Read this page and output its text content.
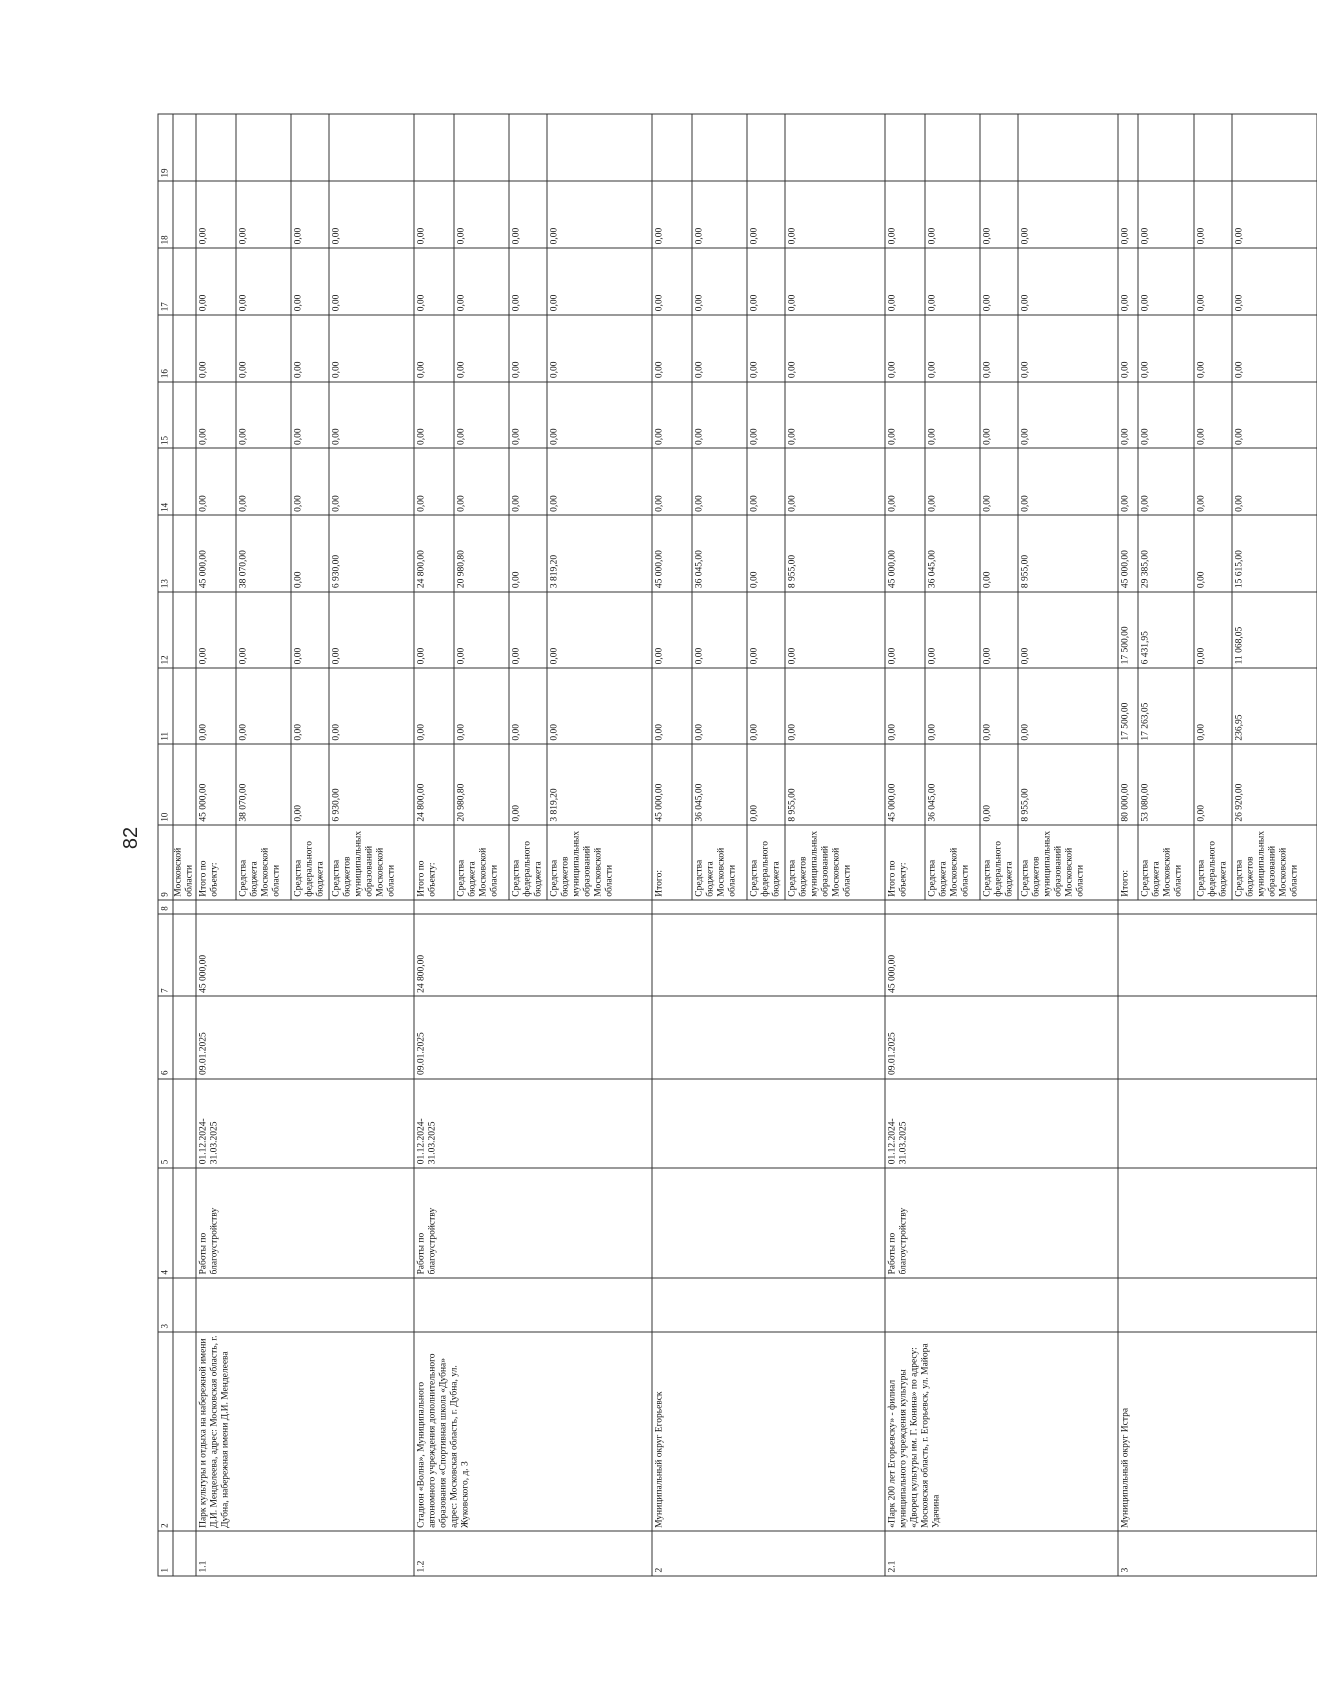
82
1	2	3	4	5	6	7	8	9	10	11	12	13	14	15	16	17	18	19
								Московской области										
1.1	Парк культуры и отдыха на набережной имени Д.И. Менделеева, адрес: Московская область, г. Дубна, набережная имени Д.И. Менделеева		Работы по благоустройству	01.12.2024-31.03.2025	09.01.2025	45 000,00		Итого по объекту:	45 000,00	0,00	0,00	45 000,00	0,00	0,00	0,00	0,00	0,00	
								Средства бюджета Московской области	38 070,00	0,00	0,00	38 070,00	0,00	0,00	0,00	0,00	0,00	
								Средства федерального бюджета	0,00	0,00	0,00	0,00	0,00	0,00	0,00	0,00	0,00	
								Средства бюджетов муниципальных образований Московской области	6 930,00	0,00	0,00	6 930,00	0,00	0,00	0,00	0,00	0,00	
1.2	Стадион «Волна», Муниципального автономного учреждения дополнительного образования «Спортивная школа «Дубна» адрес: Московская область, г. Дубна, ул. Жуковского, д. 3		Работы по благоустройству	01.12.2024-31.03.2025	09.01.2025	24 800,00		Итого по объекту:	24 800,00	0,00	0,00	24 800,00	0,00	0,00	0,00	0,00	0,00	
								Средства бюджета Московской области	20 980,80	0,00	0,00	20 980,80	0,00	0,00	0,00	0,00	0,00	
								Средства федерального бюджета	0,00	0,00	0,00	0,00	0,00	0,00	0,00	0,00	0,00	
								Средства бюджетов муниципальных образований Московской области	3 819,20	0,00	0,00	3 819,20	0,00	0,00	0,00	0,00	0,00	
2	Муниципальный округ Егорьевск							Итого:	45 000,00	0,00	0,00	45 000,00	0,00	0,00	0,00	0,00	0,00	
								Средства бюджета Московской области	36 045,00	0,00	0,00	36 045,00	0,00	0,00	0,00	0,00	0,00	
								Средства федерального бюджета	0,00	0,00	0,00	0,00	0,00	0,00	0,00	0,00	0,00	
								Средства бюджетов муниципальных образований Московской области	8 955,00	0,00	0,00	8 955,00	0,00	0,00	0,00	0,00	0,00	
2.1	«Парк 200 лет Егорьевску» - филиал муниципального учреждения культуры «Дворец культуры им. Г. Конина» по адресу: Московская область, г. Егорьевск, ул. Майора Удачина		Работы по благоустройству	01.12.2024-31.03.2025	09.01.2025	45 000,00		Итого по объекту:	45 000,00	0,00	0,00	45 000,00	0,00	0,00	0,00	0,00	0,00	
								Средства бюджета Московской области	36 045,00	0,00	0,00	36 045,00	0,00	0,00	0,00	0,00	0,00	
								Средства федерального бюджета	0,00	0,00	0,00	0,00	0,00	0,00	0,00	0,00	0,00	
								Средства бюджетов муниципальных образований Московской области	8 955,00	0,00	0,00	8 955,00	0,00	0,00	0,00	0,00	0,00	
3	Муниципальный округ Истра							Итого:	80 000,00	17 500,00	17 500,00	45 000,00	0,00	0,00	0,00	0,00	0,00	
								Средства бюджета Московской области	53 080,00	17 263,05	6 431,95	29 385,00	0,00	0,00	0,00	0,00	0,00	
								Средства федерального бюджета	0,00	0,00	0,00	0,00	0,00	0,00	0,00	0,00	0,00	
								Средства бюджетов муниципальных образований Московской области	26 920,00	236,95	11 068,05	15 615,00	0,00	0,00	0,00	0,00	0,00	
